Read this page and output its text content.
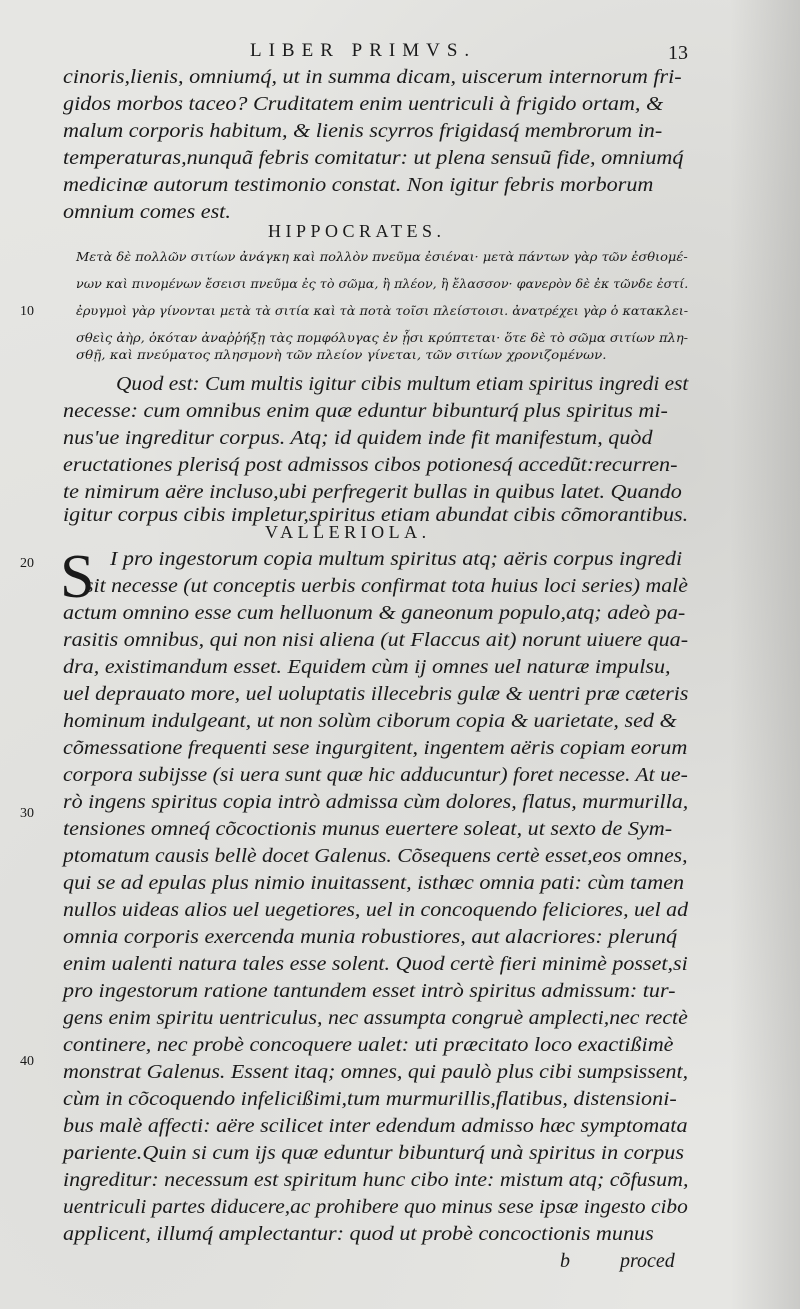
LIBER PRIMVS.	13
cinoris,lienis, omniumq́, ut in summa dicam, uiscerum internorum fri-
gidos morbos taceo? Cruditatem enim uentriculi à frigido ortam, &
malum corporis habitum, & lienis scyrros frigidasq́ membrorum in-
temperaturas,nunquã febris comitatur: ut plena sensuũ fide, omniumq́
medicinæ autorum testimonio constat. Non igitur febris morborum
omnium comes est.
HIPPOCRATES.
Μετὰ δὲ πολλῶν σιτίων ἀνάγκη καὶ πολλὸν πνεῦμα ἐσιέναι· μετὰ πάντων γὰρ τῶν ἐσθιομέ-
νων καὶ πινομένων ἔσεισι πνεῦμα ἐς τὸ σῶμα, ἢ πλέον, ἢ ἔλασσον· φανερὸν δὲ ἐκ τῶνδε ἐστί.
ἐρυγμοὶ γὰρ γίνονται μετὰ τὰ σιτία καὶ τὰ ποτὰ τοῖσι πλείστοισι. ἀνατρέχει γὰρ ὁ κατακλει-
σθεὶς ἀὴρ, ὁκόταν ἀναῤῥήξῃ τὰς πομφόλυγας ἐν ᾗσι κρύπτεται· ὅτε δὲ τὸ σῶμα σιτίων πλη-
σθῇ, καὶ πνεύματος πλησμονὴ τῶν πλείον γίνεται, τῶν σιτίων χρονιζομένων.
Quod est: Cum multis igitur cibis multum etiam spiritus ingredi est
necesse: cum omnibus enim quæ eduntur bibunturq́ plus spiritus mi-
nus'ue ingreditur corpus. Atq; id quidem inde fit manifestum, quòd
eructationes plerisq́ post admissos cibos potionesq́ accedũt:recurren-
te nimirum aëre incluso,ubi perfregerit bullas in quibus latet. Quando
igitur corpus cibis impletur,spiritus etiam abundat cibis cõmorantibus.
VALLERIOLA.
S I pro ingestorum copia multum spiritus atq; aëris corpus ingredi
sit necesse (ut conceptis uerbis confirmat tota huius loci series) malè
actum omnino esse cum helluonum & ganeonum populo,atq; adeò pa-
rasitis omnibus, qui non nisi aliena (ut Flaccus ait) norunt uiuere qua-
dra, existimandum esset. Equidem cùm ij omnes uel naturæ impulsu,
uel deprauato more, uel uoluptatis illecebris gulæ & uentri præ cæteris
hominum indulgeant, ut non solùm ciborum copia & uarietate, sed &
cõmessatione frequenti sese ingurgitent, ingentem aëris copiam eorum
corpora subijsse (si uera sunt quæ hic adducuntur) foret necesse. At ue-
rò ingens spiritus copia intrò admissa cùm dolores, flatus, murmurilla,
tensiones omneq́ cõcoctionis munus euertere soleat, ut sexto de Sym-
ptomatum causis bellè docet Galenus. Cõsequens certè esset,eos omnes,
qui se ad epulas plus nimio inuitassent, isthæc omnia pati: cùm tamen
nullos uideas alios uel uegetiores, uel in concoquendo feliciores, uel ad
omnia corporis exercenda munia robustiores, aut alacriores: plerunq́
enim ualenti natura tales esse solent. Quod certè fieri minimè posset,si
pro ingestorum ratione tantundem esset intrò spiritus admissum: tur-
gens enim spiritu uentriculus, nec assumpta congruè amplecti,nec rectè
continere, nec probè concoquere ualet: uti præcitato loco exactißimè
monstrat Galenus. Essent itaq; omnes, qui paulò plus cibi sumpsissent,
cùm in cõcoquendo infelicißimi,tum murmurillis,flatibus, distensioni-
bus malè affecti: aëre scilicet inter edendum admisso hæc symptomata
pariente.Quin si cum ijs quæ eduntur bibunturq́ unà spiritus in corpus
ingreditur: necessum est spiritum hunc cibo inte: mistum atq; cõfusum,
uentriculi partes diducere,ac prohibere quo minus sese ipsæ ingesto cibo
applicent, illumq́ amplectantur: quod ut probè concoctionis munus
10
20
30
40
b	proced
